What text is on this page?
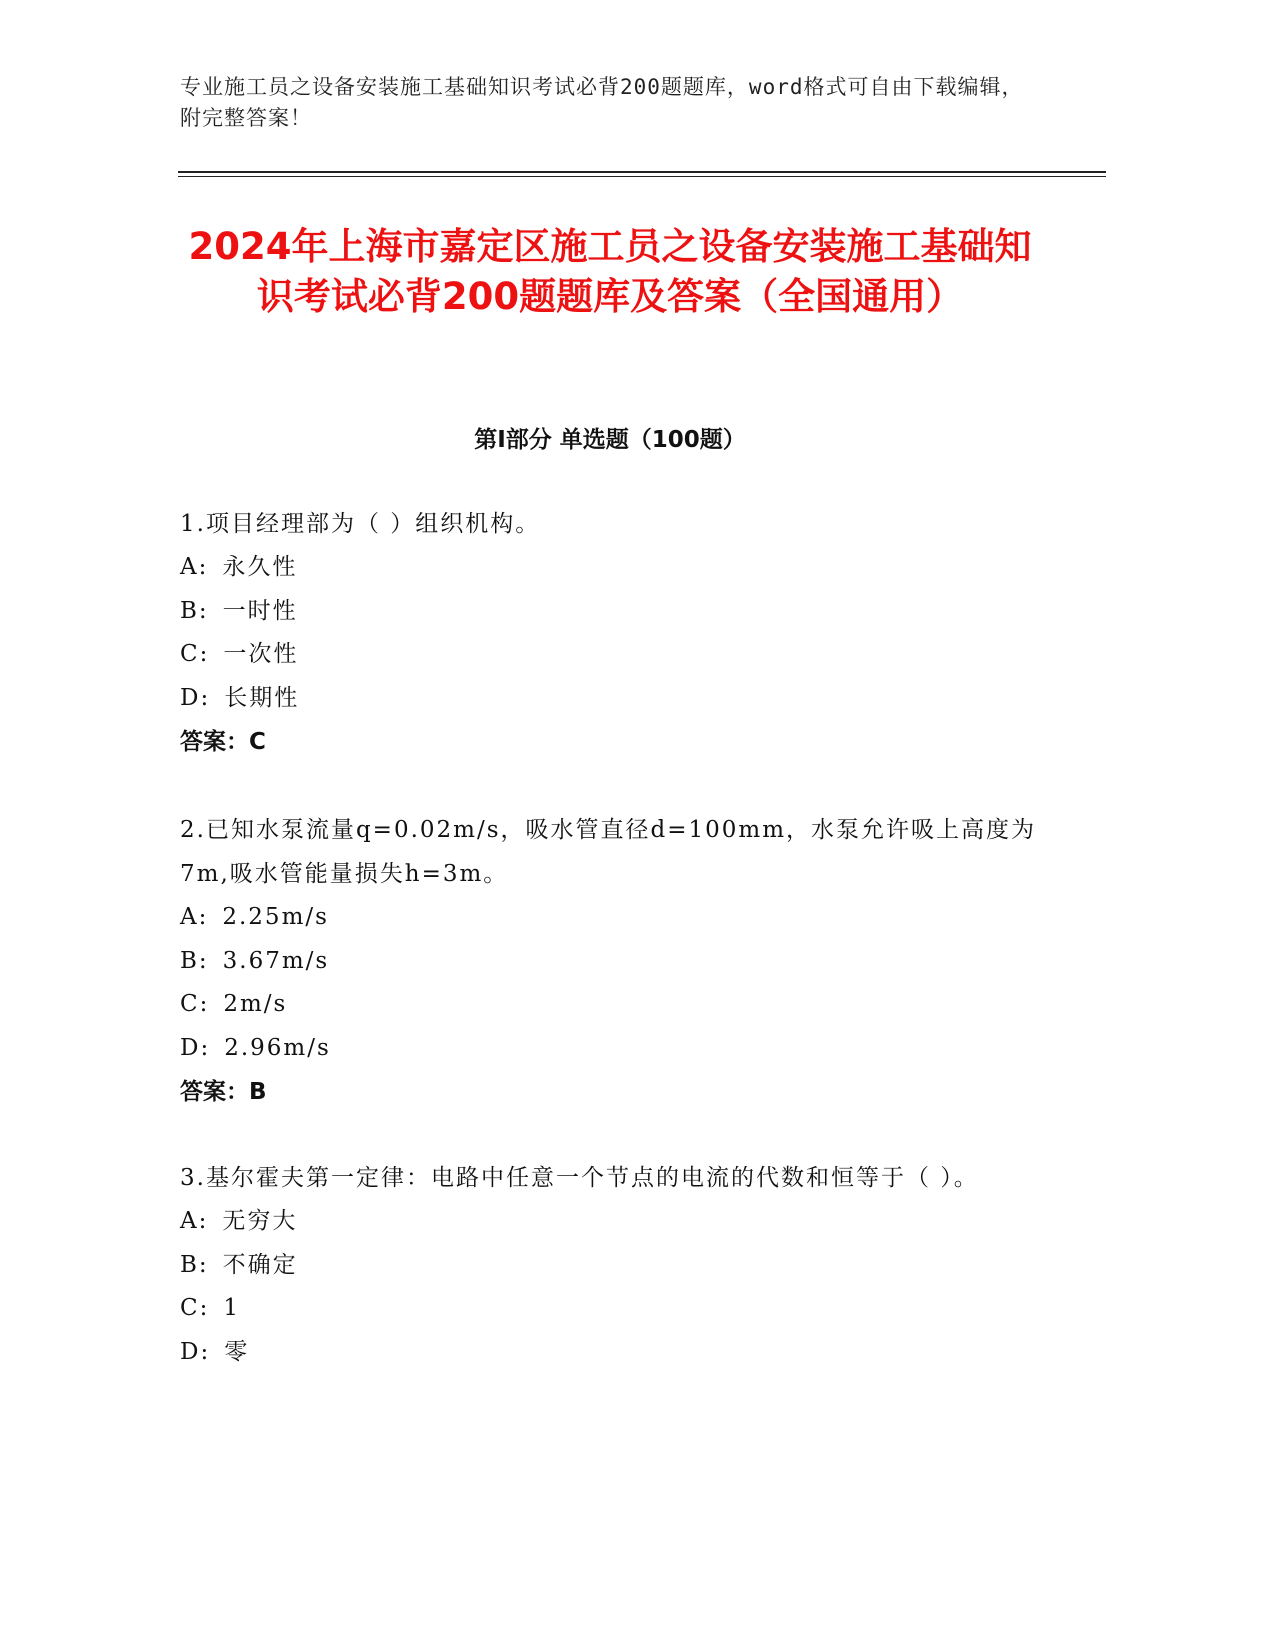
专业施工员之设备安装施工基础知识考试必背200题题库，word格式可自由下载编辑，附完整答案！
2024年上海市嘉定区施工员之设备安装施工基础知识考试必背200题题库及答案（全国通用）
第Ⅰ部分 单选题（100题）

1.项目经理部为（ ）组织机构。

A: 永久性

B: 一时性

C: 一次性

D: 长期性

答案：C

2.已知水泵流量q=0.02m/s，吸水管直径d=100mm，水泵允许吸上高度为7m,吸水管能量损失h=3m。

A: 2.25m/s

B: 3.67m/s

C: 2m/s

D: 2.96m/s

答案：B

3.基尔霍夫第一定律：电路中任意一个节点的电流的代数和恒等于（ ）。

A: 无穷大

B: 不确定

C: 1

D: 零
